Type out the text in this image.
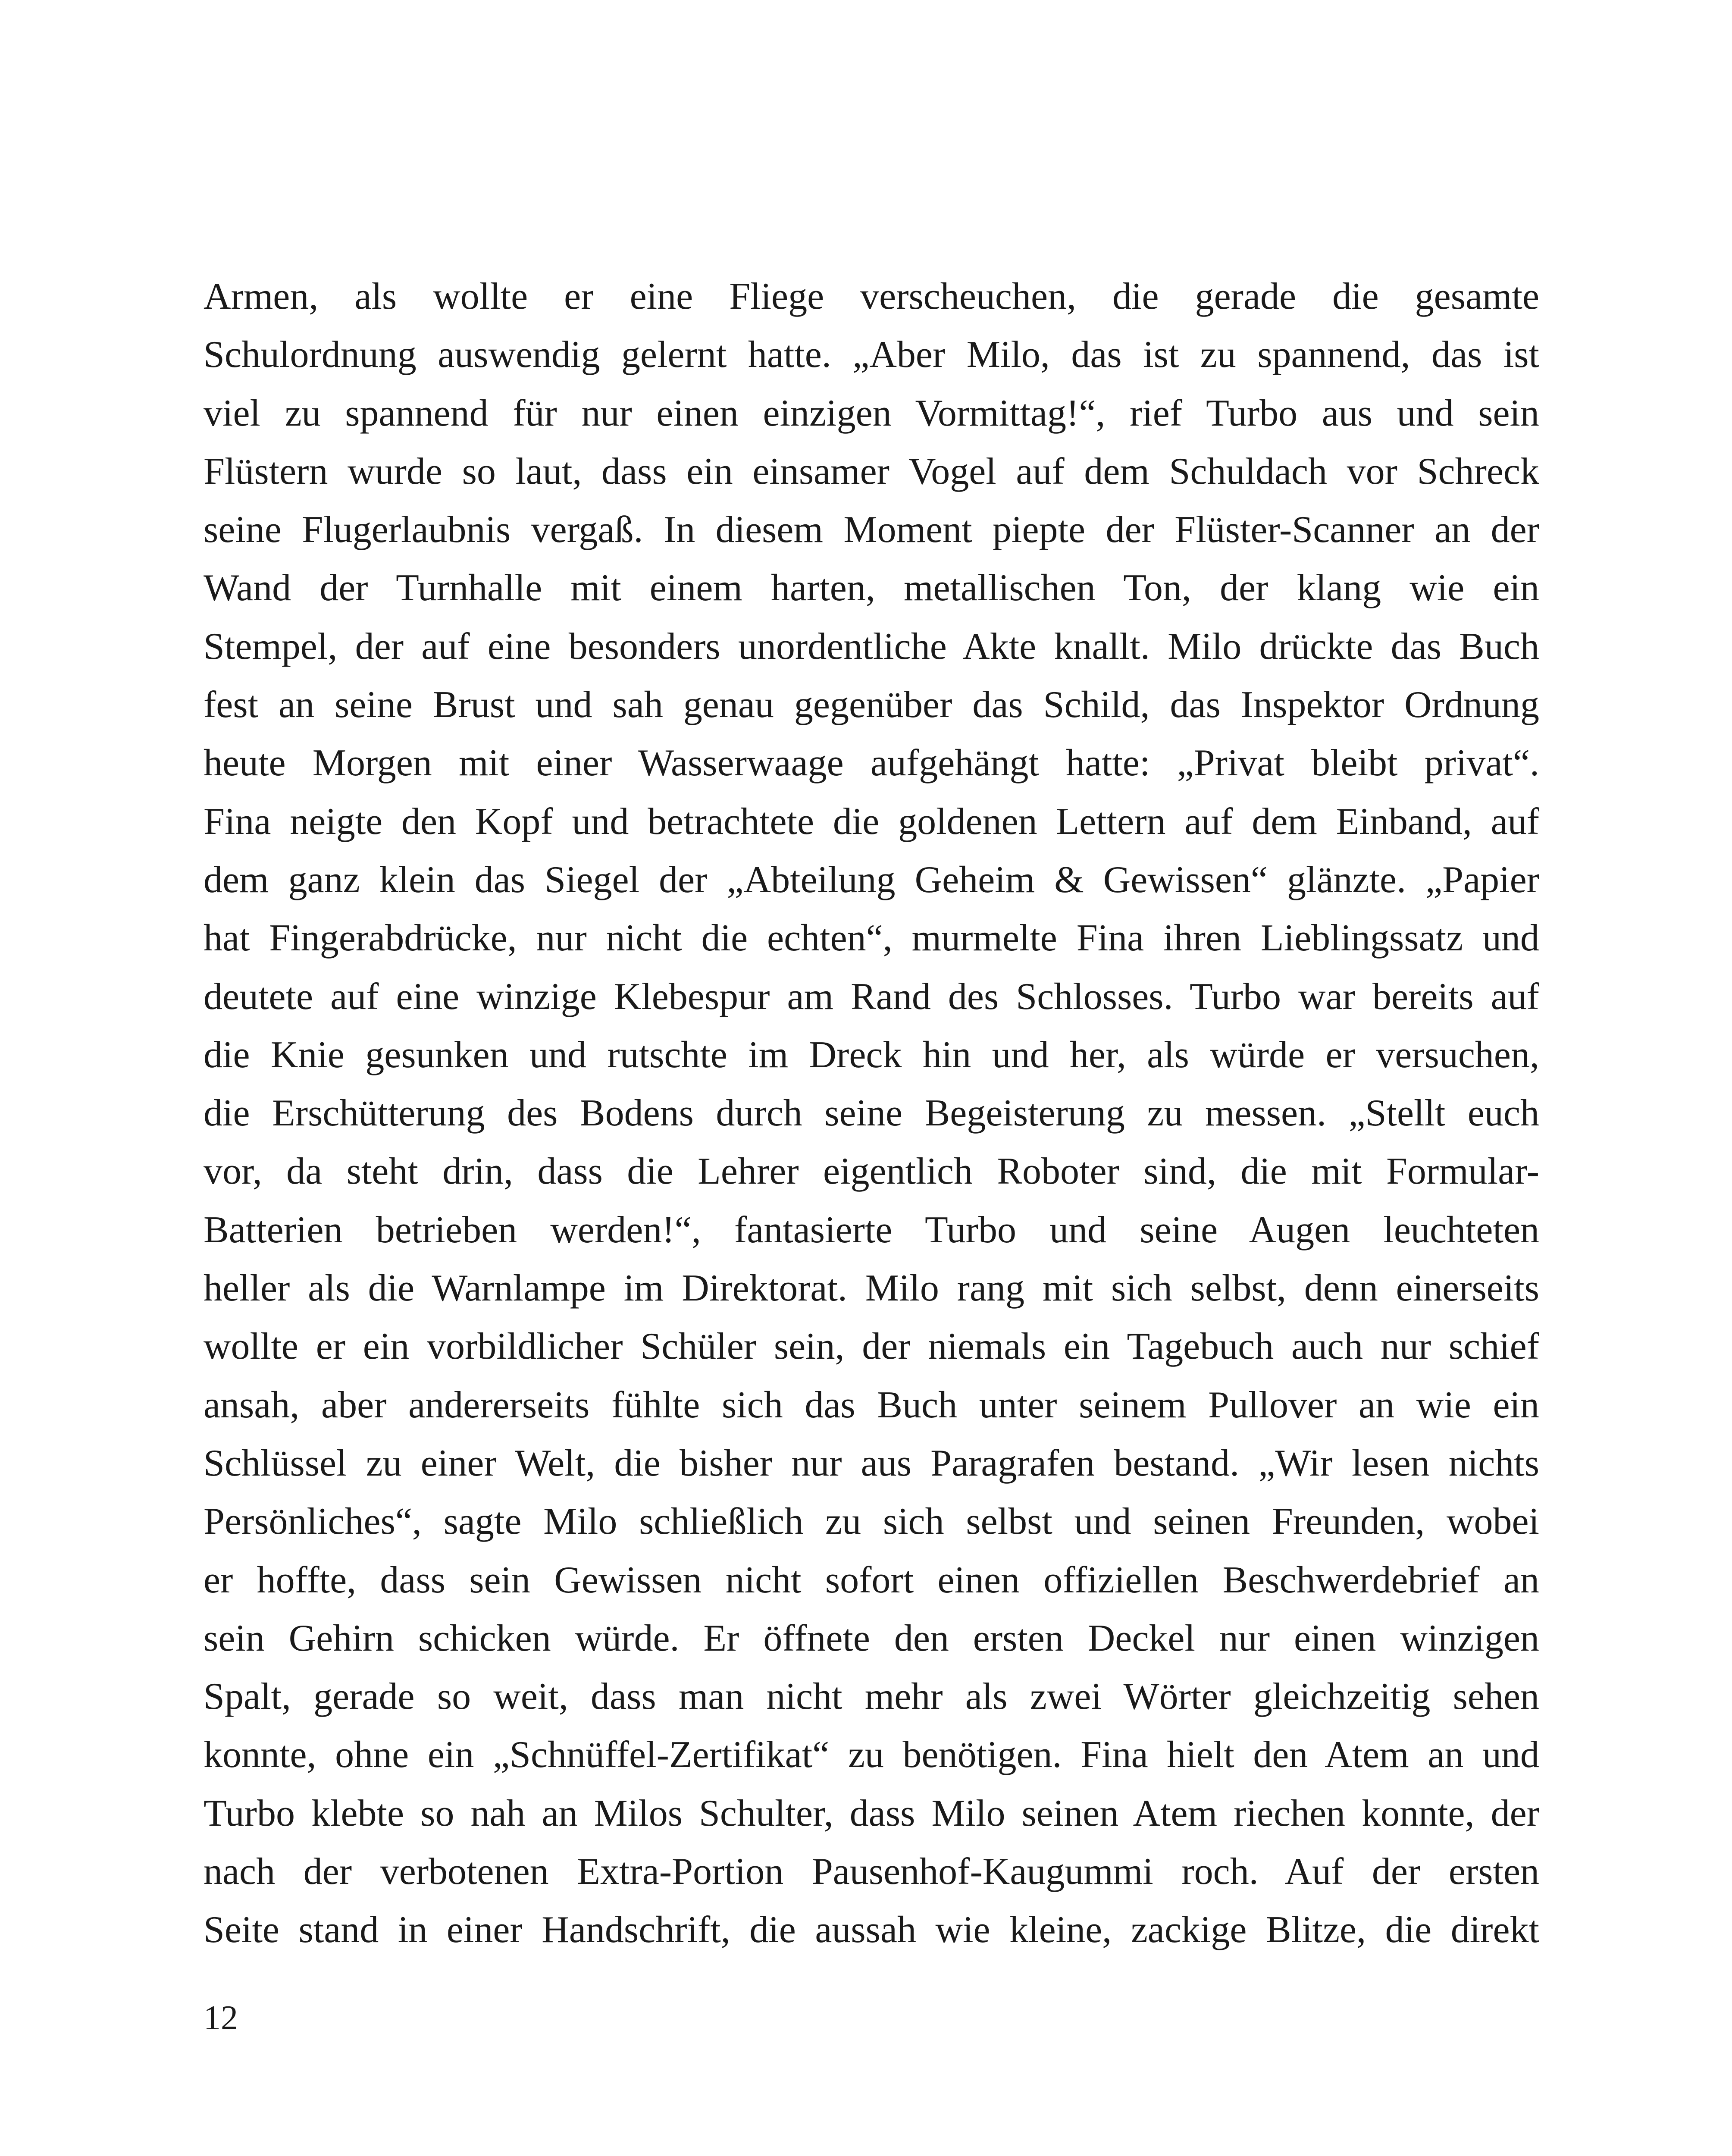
Armen, als wollte er eine Fliege verscheuchen, die gerade die gesamte
Schulordnung auswendig gelernt hatte. „Aber Milo, das ist zu spannend, das ist
viel zu spannend für nur einen einzigen Vormittag!“, rief Turbo aus und sein
Flüstern wurde so laut, dass ein einsamer Vogel auf dem Schuldach vor Schreck
seine Flugerlaubnis vergaß. In diesem Moment piepte der Flüster-Scanner an der
Wand der Turnhalle mit einem harten, metallischen Ton, der klang wie ein
Stempel, der auf eine besonders unordentliche Akte knallt. Milo drückte das Buch
fest an seine Brust und sah genau gegenüber das Schild, das Inspektor Ordnung
heute Morgen mit einer Wasserwaage aufgehängt hatte: „Privat bleibt privat“.
Fina neigte den Kopf und betrachtete die goldenen Lettern auf dem Einband, auf
dem ganz klein das Siegel der „Abteilung Geheim & Gewissen“ glänzte. „Papier
hat Fingerabdrücke, nur nicht die echten“, murmelte Fina ihren Lieblingssatz und
deutete auf eine winzige Klebespur am Rand des Schlosses. Turbo war bereits auf
die Knie gesunken und rutschte im Dreck hin und her, als würde er versuchen,
die Erschütterung des Bodens durch seine Begeisterung zu messen. „Stellt euch
vor, da steht drin, dass die Lehrer eigentlich Roboter sind, die mit Formular-
Batterien betrieben werden!“, fantasierte Turbo und seine Augen leuchteten
heller als die Warnlampe im Direktorat. Milo rang mit sich selbst, denn einerseits
wollte er ein vorbildlicher Schüler sein, der niemals ein Tagebuch auch nur schief
ansah, aber andererseits fühlte sich das Buch unter seinem Pullover an wie ein
Schlüssel zu einer Welt, die bisher nur aus Paragrafen bestand. „Wir lesen nichts
Persönliches“, sagte Milo schließlich zu sich selbst und seinen Freunden, wobei
er hoffte, dass sein Gewissen nicht sofort einen offiziellen Beschwerdebrief an
sein Gehirn schicken würde. Er öffnete den ersten Deckel nur einen winzigen
Spalt, gerade so weit, dass man nicht mehr als zwei Wörter gleichzeitig sehen
konnte, ohne ein „Schnüffel-Zertifikat“ zu benötigen. Fina hielt den Atem an und
Turbo klebte so nah an Milos Schulter, dass Milo seinen Atem riechen konnte, der
nach der verbotenen Extra-Portion Pausenhof-Kaugummi roch. Auf der ersten
Seite stand in einer Handschrift, die aussah wie kleine, zackige Blitze, die direkt
12
